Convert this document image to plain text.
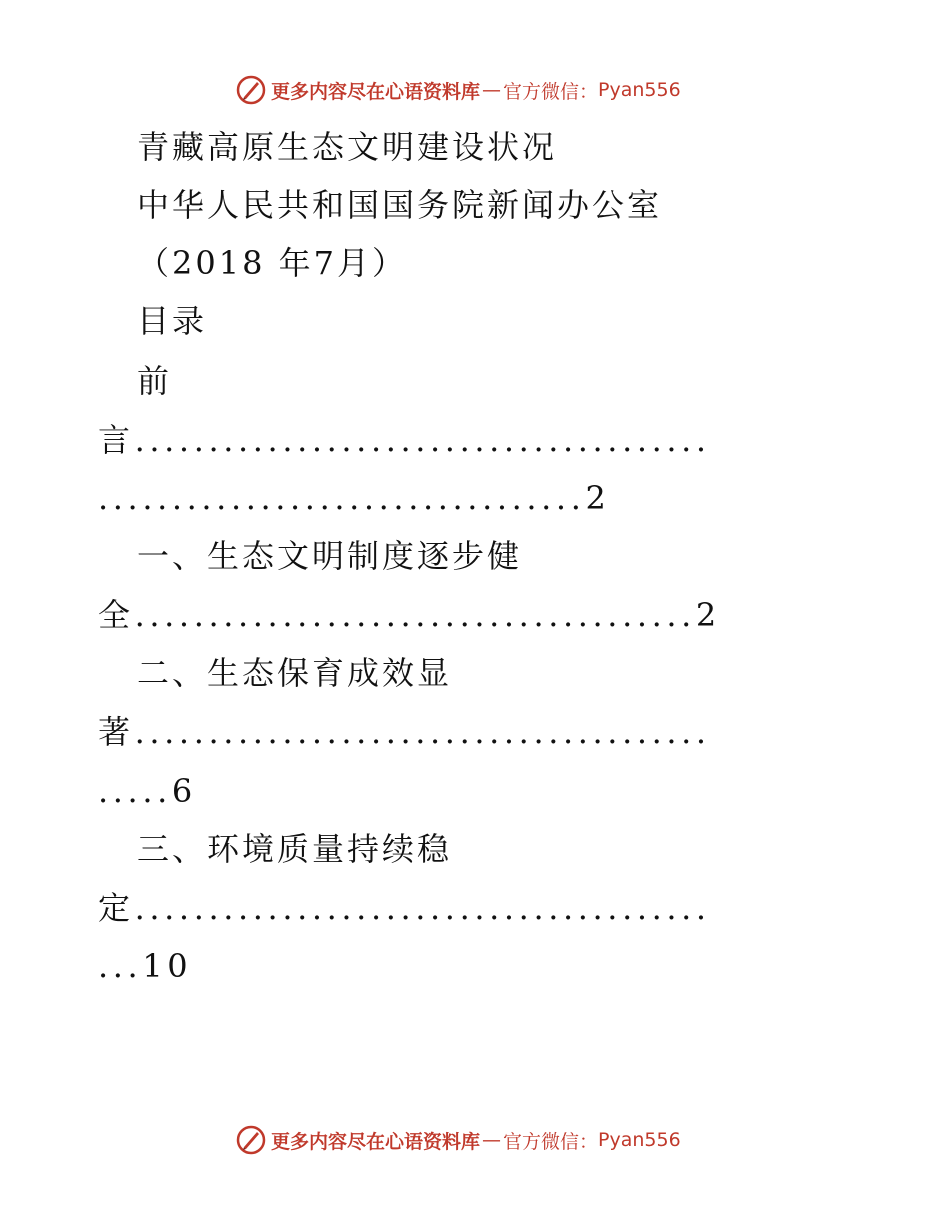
更多内容尽在心语资料库 — 官方微信： Pyan556
青藏高原生态文明建设状况
中华人民共和国国务院新闻办公室
（2018 年7月）
目录
前
言.......................................
.................................2
一、生态文明制度逐步健
全......................................2
二、生态保育成效显
著.......................................
.....6
三、环境质量持续稳
定.......................................
...10
更多内容尽在心语资料库 — 官方微信： Pyan556
